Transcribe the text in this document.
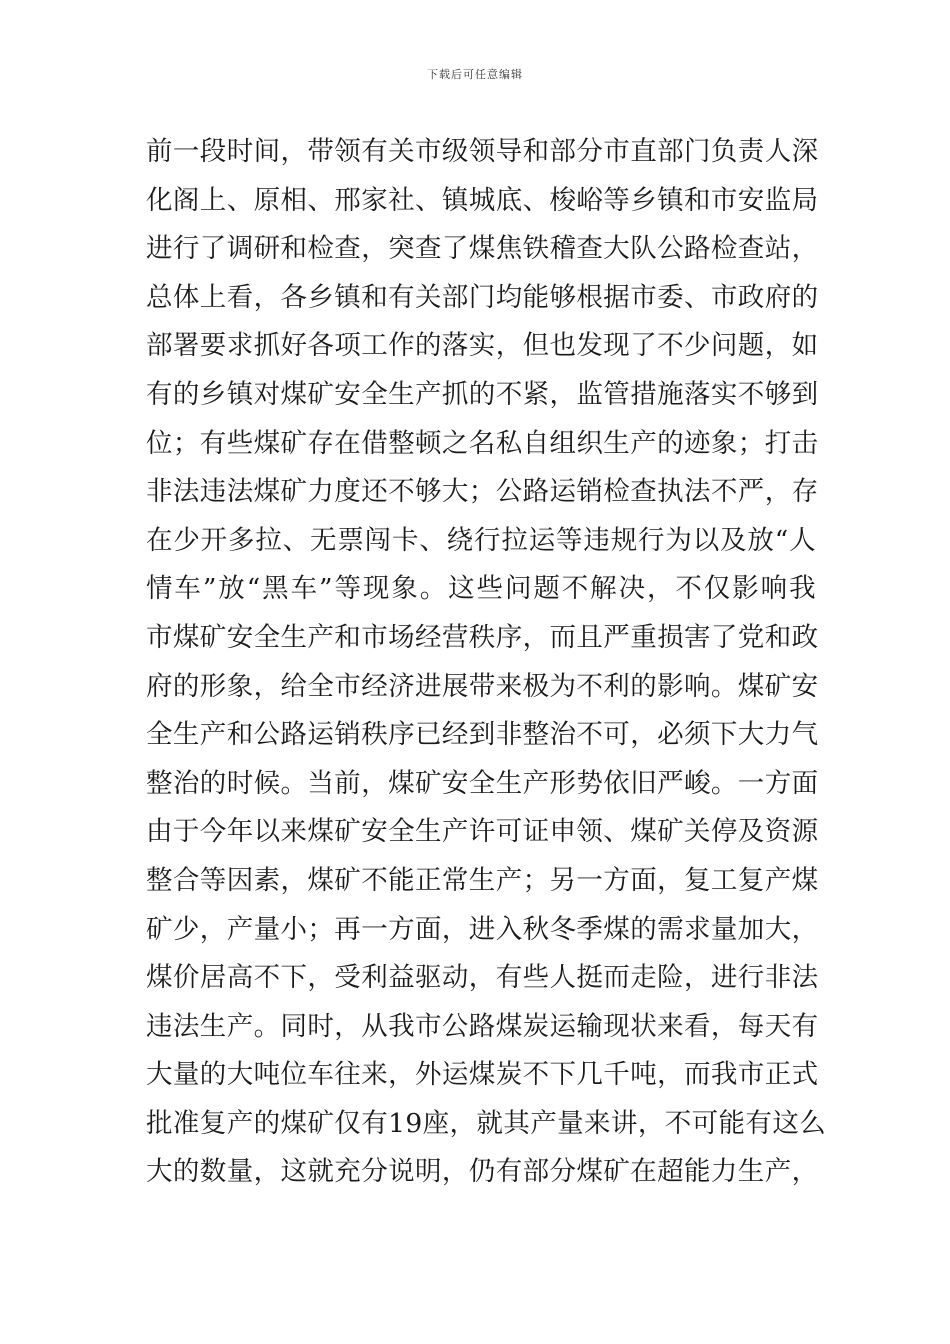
下载后可任意编辑
前一段时间，带领有关市级领导和部分市直部门负责人深
化阁上、原相、邢家社、镇城底、梭峪等乡镇和市安监局
进行了调研和检查，突查了煤焦铁稽查大队公路检查站，
总体上看，各乡镇和有关部门均能够根据市委、市政府的
部署要求抓好各项工作的落实，但也发现了不少问题，如
有的乡镇对煤矿安全生产抓的不紧，监管措施落实不够到
位；有些煤矿存在借整顿之名私自组织生产的迹象；打击
非法违法煤矿力度还不够大；公路运销检查执法不严，存
在少开多拉、无票闯卡、绕行拉运等违规行为以及放“人
情车”放“黑车”等现象。这些问题不解决，不仅影响我
市煤矿安全生产和市场经营秩序，而且严重损害了党和政
府的形象，给全市经济进展带来极为不利的影响。煤矿安
全生产和公路运销秩序已经到非整治不可，必须下大力气
整治的时候。当前，煤矿安全生产形势依旧严峻。一方面
由于今年以来煤矿安全生产许可证申领、煤矿关停及资源
整合等因素，煤矿不能正常生产；另一方面，复工复产煤
矿少，产量小；再一方面，进入秋冬季煤的需求量加大，
煤价居高不下，受利益驱动，有些人挺而走险，进行非法
违法生产。同时，从我市公路煤炭运输现状来看，每天有
大量的大吨位车往来，外运煤炭不下几千吨，而我市正式
批准复产的煤矿仅有19座，就其产量来讲，不可能有这么
大的数量，这就充分说明，仍有部分煤矿在超能力生产，
